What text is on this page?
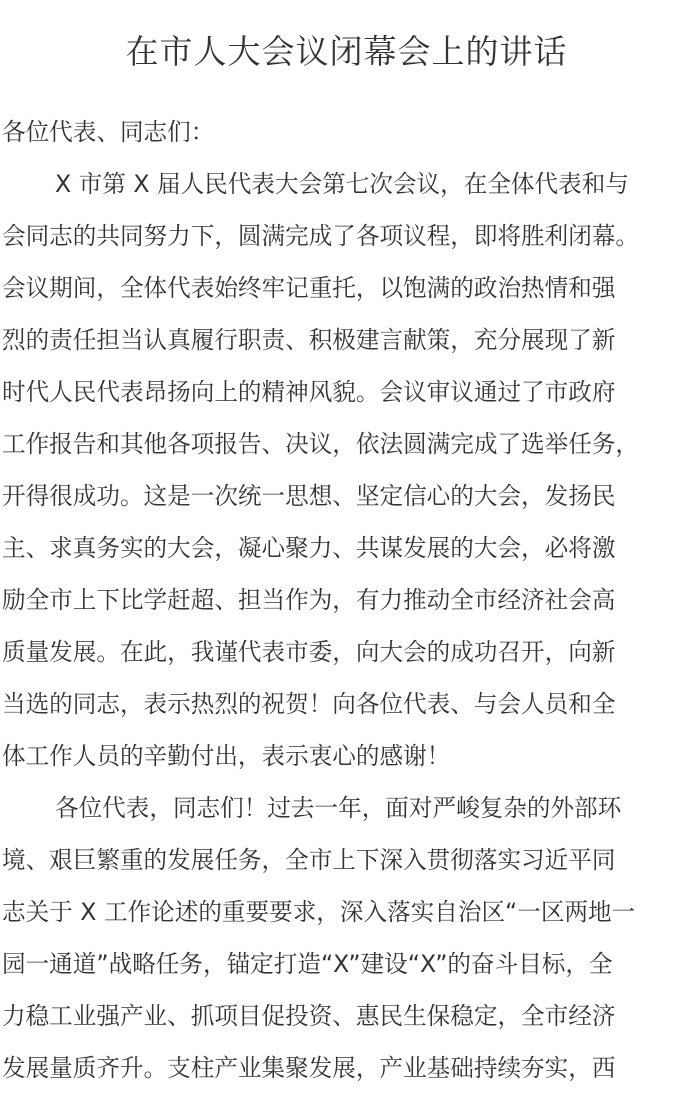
在市人大会议闭幕会上的讲话
各位代表、同志们：
X 市第 X 届人民代表大会第七次会议，在全体代表和与
会同志的共同努力下，圆满完成了各项议程，即将胜利闭幕。
会议期间，全体代表始终牢记重托，以饱满的政治热情和强
烈的责任担当认真履行职责、积极建言献策，充分展现了新
时代人民代表昂扬向上的精神风貌。会议审议通过了市政府
工作报告和其他各项报告、决议，依法圆满完成了选举任务，
开得很成功。这是一次统一思想、坚定信心的大会，发扬民
主、求真务实的大会，凝心聚力、共谋发展的大会，必将激
励全市上下比学赶超、担当作为，有力推动全市经济社会高
质量发展。在此，我谨代表市委，向大会的成功召开，向新
当选的同志，表示热烈的祝贺！向各位代表、与会人员和全
体工作人员的辛勤付出，表示衷心的感谢！
各位代表，同志们！过去一年，面对严峻复杂的外部环
境、艰巨繁重的发展任务，全市上下深入贯彻落实习近平同
志关于 X 工作论述的重要要求，深入落实自治区“一区两地一
园一通道”战略任务，锚定打造“X”建设“X”的奋斗目标，全
力稳工业强产业、抓项目促投资、惠民生保稳定，全市经济
发展量质齐升。支柱产业集聚发展，产业基础持续夯实，西
